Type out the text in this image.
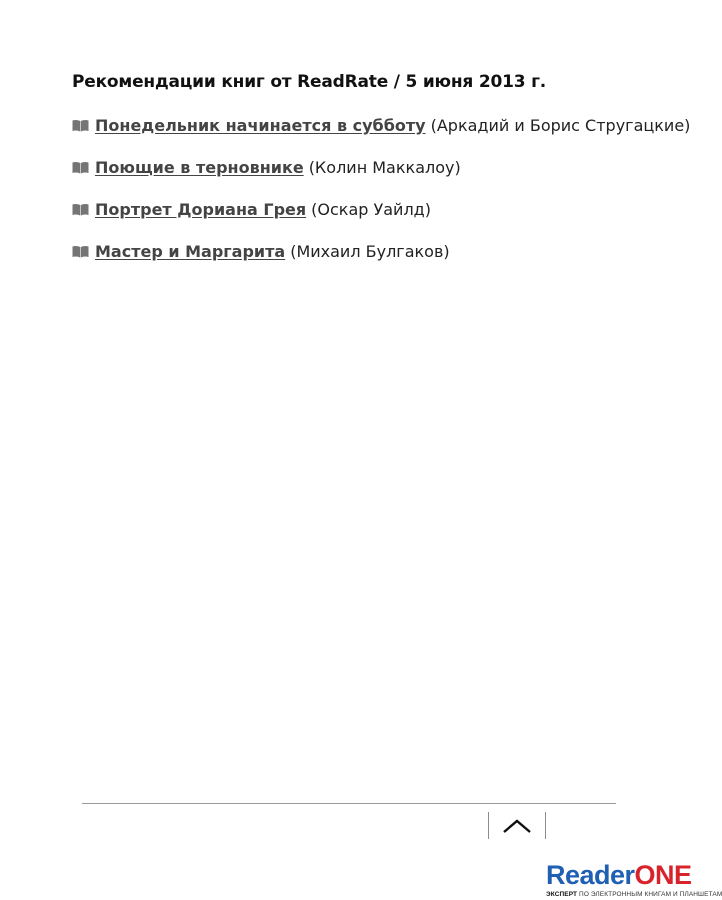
Рекомендации книг от ReadRate / 5 июня 2013 г.
Понедельник начинается в субботу (Аркадий и Борис Стругацкие)
Поющие в терновнике (Колин Маккалоу)
Портрет Дориана Грея (Оскар Уайлд)
Мастер и Маргарита (Михаил Булгаков)
ReaderONE
ЭКСПЕРТ ПО ЭЛЕКТРОННЫМ КНИГАМ И ПЛАНШЕТАМ
